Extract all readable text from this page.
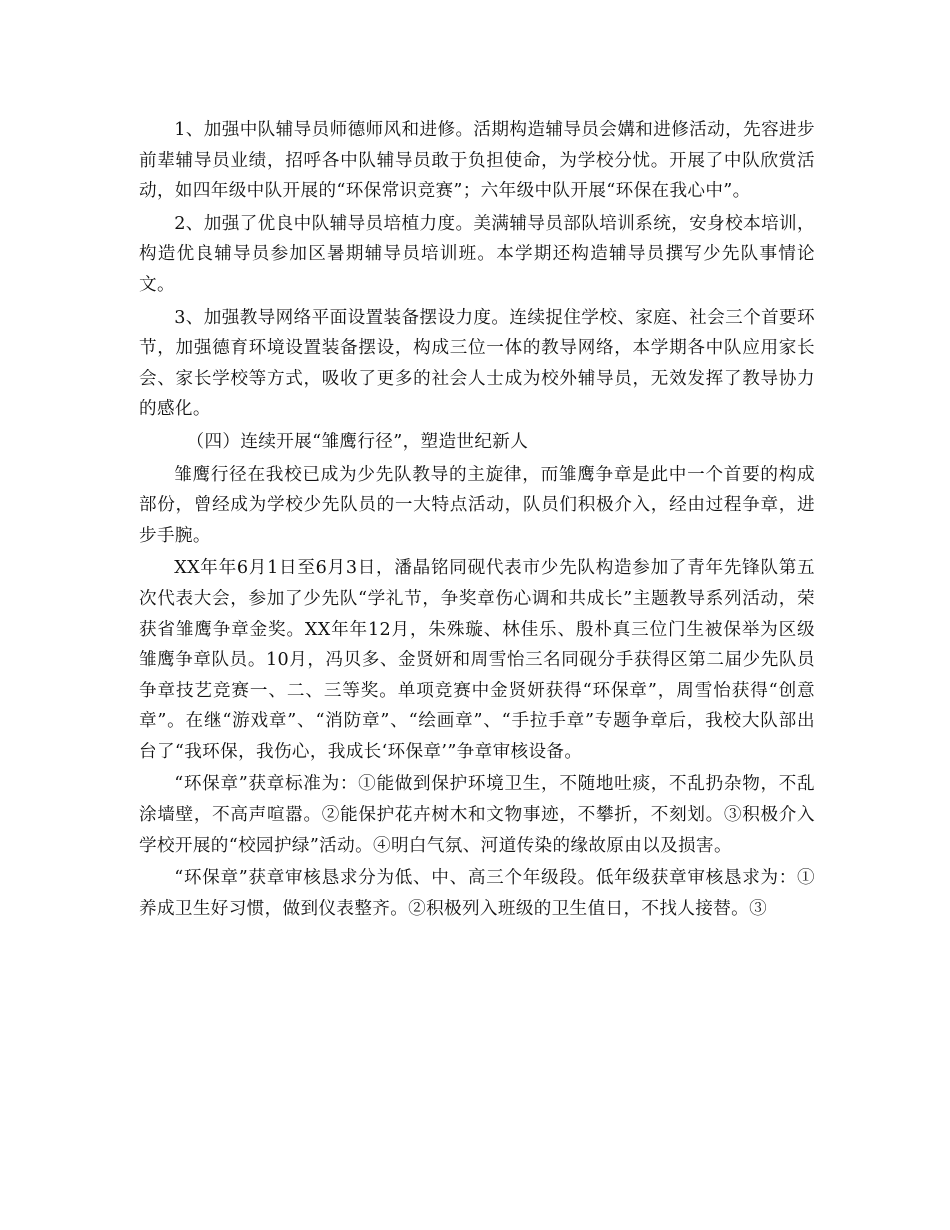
1、加强中队辅导员师德师风和进修。活期构造辅导员会媾和进修活动，先容进步前辈辅导员业绩，招呼各中队辅导员敢于负担使命，为学校分忧。开展了中队欣赏活动，如四年级中队开展的“环保常识竞赛”；六年级中队开展“环保在我心中”。

2、加强了优良中队辅导员培植力度。美满辅导员部队培训系统，安身校本培训，构造优良辅导员参加区暑期辅导员培训班。本学期还构造辅导员撰写少先队事情论文。

3、加强教导网络平面设置装备摆设力度。连续捉住学校、家庭、社会三个首要环节，加强德育环境设置装备摆设，构成三位一体的教导网络，本学期各中队应用家长会、家长学校等方式，吸收了更多的社会人士成为校外辅导员，无效发挥了教导协力的感化。

（四）连续开展“雏鹰行径”，塑造世纪新人

雏鹰行径在我校已成为少先队教导的主旋律，而雏鹰争章是此中一个首要的构成部份，曾经成为学校少先队员的一大特点活动，队员们积极介入，经由过程争章，进步手腕。

XX年年6月1日至6月3日，潘晶铭同砚代表市少先队构造参加了青年先锋队第五次代表大会，参加了少先队“学礼节，争奖章伤心调和共成长”主题教导系列活动，荣获省雏鹰争章金奖。XX年年12月，朱殊璇、林佳乐、殷朴真三位门生被保举为区级雏鹰争章队员。10月，冯贝多、金贤妍和周雪怡三名同砚分手获得区第二届少先队员争章技艺竞赛一、二、三等奖。单项竞赛中金贤妍获得“环保章”，周雪怡获得“创意章”。在继“游戏章”、“消防章”、“绘画章”、“手拉手章”专题争章后，我校大队部出台了“我环保，我伤心，我成长‘环保章’”争章审核设备。

“环保章”获章标准为：①能做到保护环境卫生，不随地吐痰，不乱扔杂物，不乱涂墙壁，不高声喧嚣。②能保护花卉树木和文物事迹，不攀折，不刻划。③积极介入学校开展的“校园护绿”活动。④明白气氛、河道传染的缘故原由以及损害。

“环保章”获章审核恳求分为低、中、高三个年级段。低年级获章审核恳求为：①养成卫生好习惯，做到仪表整齐。②积极列入班级的卫生值日，不找人接替。③
